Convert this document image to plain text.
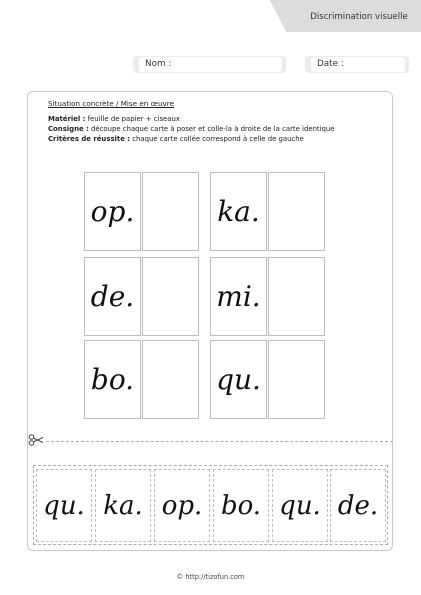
Discrimination visuelle
Nom :	Date :
Situation concrète / Mise en œuvre
Matériel : feuille de papier + ciseaux
Consigne : découpe chaque carte à poser et colle-la à droite de la carte identique
Critères de réussite : chaque carte collée correspond à celle de gauche
op.	ka.
de.	mi.
bo.	qu.
qu. ka. op. bo. qu. de.
© http://tizofun.com
